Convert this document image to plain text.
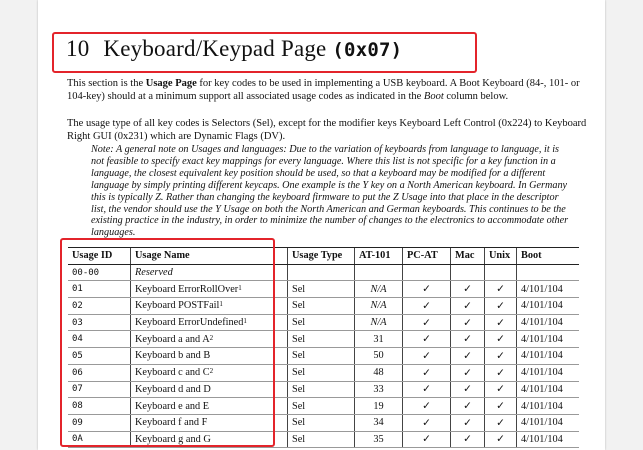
10 Keyboard/Keypad Page (0x07)
This section is the Usage Page for key codes to be used in implementing a USB keyboard. A Boot Keyboard (84-, 101- or 104-key) should at a minimum support all associated usage codes as indicated in the Boot column below.
The usage type of all key codes is Selectors (Sel), except for the modifier keys Keyboard Left Control (0x224) to Keyboard Right GUI (0x231) which are Dynamic Flags (DV).
Note: A general note on Usages and languages: Due to the variation of keyboards from language to language, it is not feasible to specify exact key mappings for every language. Where this list is not specific for a key function in a language, the closest equivalent key position should be used, so that a keyboard may be modified for a different language by simply printing different keycaps. One example is the Y key on a North American keyboard. In Germany this is typically Z. Rather than changing the keyboard firmware to put the Z Usage into that place in the descriptor list, the vendor should use the Y Usage on both the North American and German keyboards. This continues to be the existing practice in the industry, in order to minimize the number of changes to the electronics to accommodate other languages.
Usage ID	Usage Name	Usage Type	AT-101	PC-AT	Mac	Unix	Boot
00-00	Reserved						
01	Keyboard ErrorRollOver$^1$	Sel	N/A	✓	✓	✓	4/101/104
02	Keyboard POSTFail$^1$	Sel	N/A	✓	✓	✓	4/101/104
03	Keyboard ErrorUndefined$^1$	Sel	N/A	✓	✓	✓	4/101/104
04	Keyboard a and $A^2$	Sel	31	✓	✓	✓	4/101/104
05	Keyboard b and B	Sel	50	✓	✓	✓	4/101/104
06	Keyboard c and $C^2$	Sel	48	✓	✓	✓	4/101/104
07	Keyboard d and D	Sel	33	✓	✓	✓	4/101/104
08	Keyboard e and E	Sel	19	✓	✓	✓	4/101/104
09	Keyboard f and F	Sel	34	✓	✓	✓	4/101/104
0A	Keyboard g and G	Sel	35	✓	✓	✓	4/101/104
